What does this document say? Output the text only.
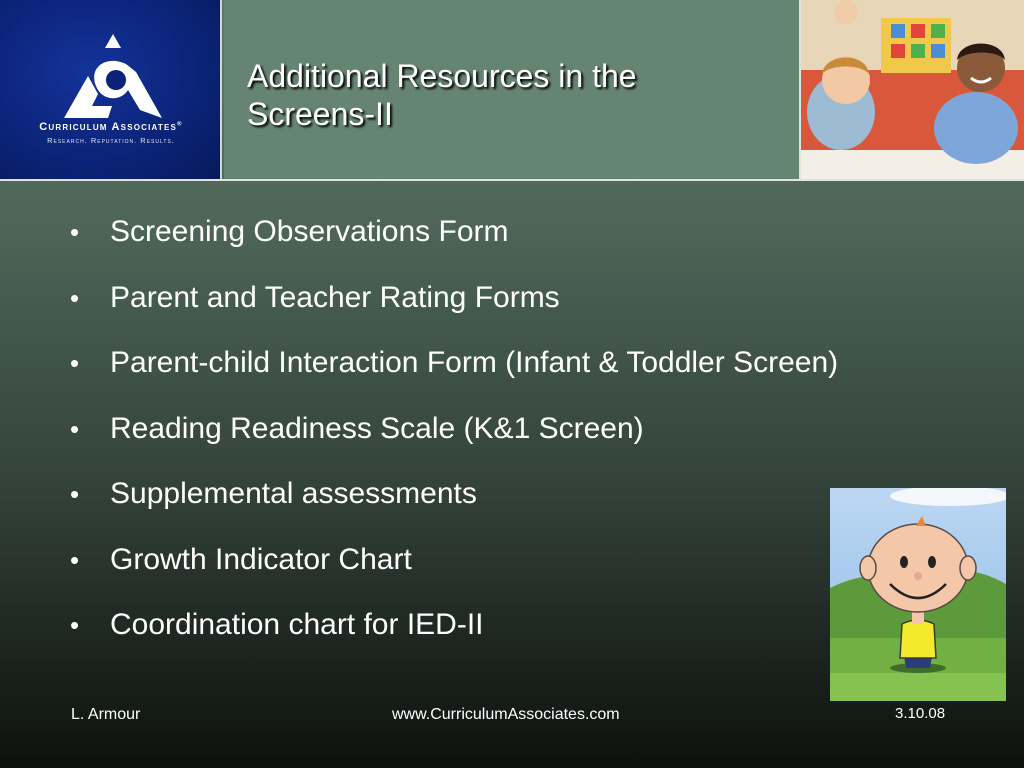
Curriculum Associates®
Research. Reputation. Results.
Additional Resources in the Screens-II
• Screening Observations Form
• Parent and Teacher Rating Forms
• Parent-child Interaction Form (Infant & Toddler Screen)
• Reading Readiness Scale (K&1 Screen)
• Supplemental assessments
• Growth Indicator Chart
• Coordination chart for IED-II
L. Armour	www.CurriculumAssociates.com	3.10.08
